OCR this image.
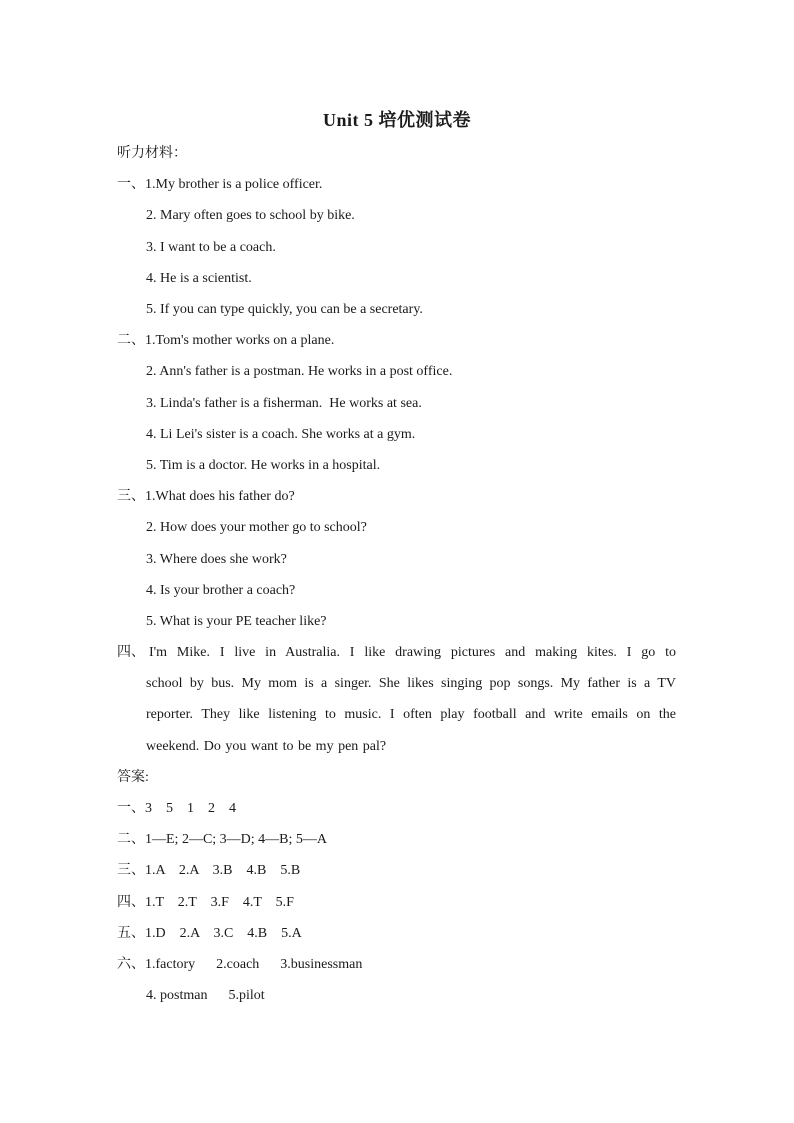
Unit 5 培优测试卷
听力材料：
一、1.My brother is a police officer.
2. Mary often goes to school by bike.
3. I want to be a coach.
4. He is a scientist.
5. If you can type quickly, you can be a secretary.
二、1.Tom's mother works on a plane.
2. Ann's father is a postman. He works in a post office.
3. Linda's father is a fisherman.  He works at sea.
4. Li Lei's sister is a coach. She works at a gym.
5. Tim is a doctor. He works in a hospital.
三、1.What does his father do?
2. How does your mother go to school?
3. Where does she work?
4. Is your brother a coach?
5. What is your PE teacher like?
四、 I'm Mike. I live in Australia. I like drawing pictures and making kites. I go to
school by bus. My mom is a singer. She likes singing pop songs. My father is a TV reporter. They like listening to music. I often play football and write emails on the weekend. Do you want to be my pen pal?
答案:
一、3    5    1    2    4
二、1—E; 2—C; 3—D; 4—B; 5—A
三、1.A    2.A    3.B    4.B    5.B
四、1.T    2.T    3.F    4.T    5.F
五、1.D    2.A    3.C    4.B    5.A
六、1.factory      2.coach      3.businessman
4. postman      5.pilot
